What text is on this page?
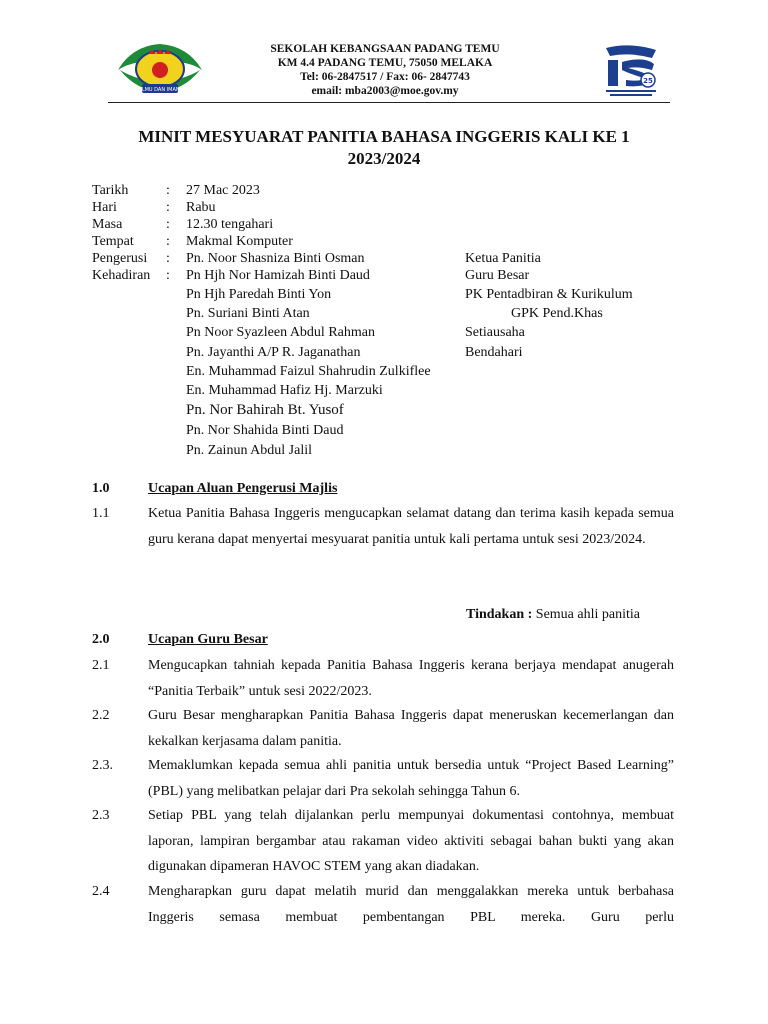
ILMU DAN IMAN
SEKOLAH KEBANGSAAN PADANG TEMU
KM 4.4 PADANG TEMU, 75050 MELAKA
Tel: 06-2847517 / Fax: 06- 2847743
email: mba2003@moe.gov.my
25
MINIT MESYUARAT PANITIA BAHASA INGGERIS KALI KE 1
2023/2024
Tarikh	: 27 Mac 2023
Hari	: Rabu
Masa	: 12.30 tengahari
Tempat : Makmal Komputer
Pengerusi : Pn. Noor Shasniza Binti Osman	Ketua Panitia
Kehadiran : Pn Hjh Nor Hamizah Binti Daud	Guru Besar
Pn Hjh Paredah Binti Yon	PK Pentadbiran & Kurikulum
Pn. Suriani Binti Atan	GPK Pend.Khas
Pn Noor Syazleen Abdul Rahman	Setiausaha
Pn. Jayanthi A/P R. Jaganathan	Bendahari
En. Muhammad Faizul Shahrudin Zulkiflee
En. Muhammad Hafiz Hj. Marzuki
Pn. Nor Bahirah Bt. Yusof
Pn. Nor Shahida Binti Daud
Pn. Zainun Abdul Jalil
1.0	Ucapan Aluan Pengerusi Majlis
1.1	Ketua Panitia Bahasa Inggeris mengucapkan selamat datang dan terima kasih kepada semua guru kerana dapat menyertai mesyuarat panitia untuk kali pertama untuk sesi 2023/2024.
Tindakan : Semua ahli panitia
2.0	Ucapan Guru Besar
2.1	Mengucapkan tahniah kepada Panitia Bahasa Inggeris kerana berjaya mendapat anugerah “Panitia Terbaik” untuk sesi 2022/2023.
2.2	Guru Besar mengharapkan Panitia Bahasa Inggeris dapat meneruskan kecemerlangan dan kekalkan kerjasama dalam panitia.
2.3.	Memaklumkan kepada semua ahli panitia untuk bersedia untuk “Project Based Learning” (PBL) yang melibatkan pelajar dari Pra sekolah sehingga Tahun 6.
2.3	Setiap PBL yang telah dijalankan perlu mempunyai dokumentasi contohnya, membuat laporan, lampiran bergambar atau rakaman video aktiviti sebagai bahan bukti yang akan digunakan dipameran HAVOC STEM yang akan diadakan.
2.4	Mengharapkan guru dapat melatih murid dan menggalakkan mereka untuk berbahasa Inggeris semasa membuat pembentangan PBL mereka. Guru perlu
